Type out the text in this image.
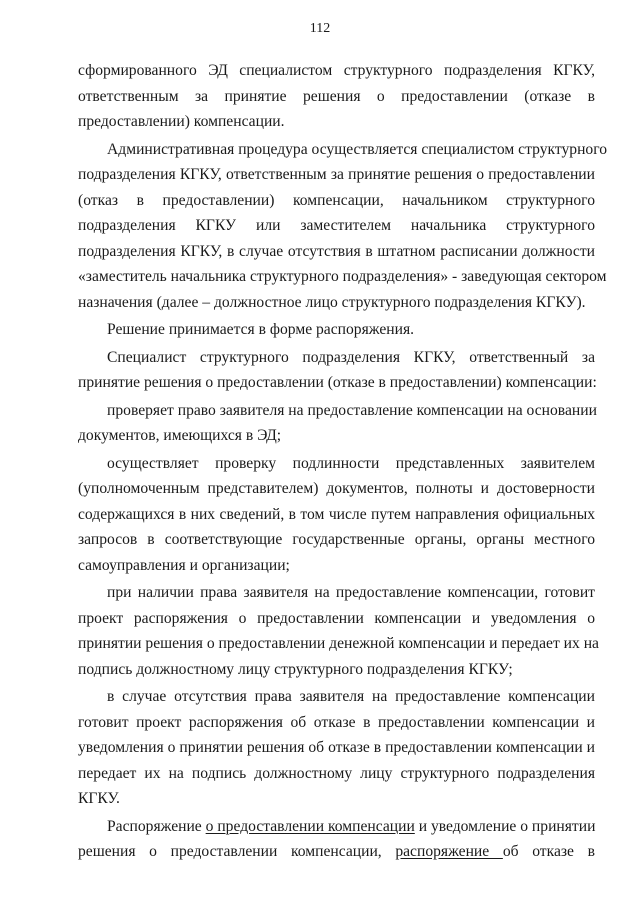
112
сформированного ЭД специалистом структурного подразделения КГКУ,
ответственным за принятие решения о предоставлении (отказе в
предоставлении) компенсации.
Административная процедура осуществляется специалистом структурного
подразделения КГКУ, ответственным за принятие решения о предоставлении
(отказ в предоставлении) компенсации, начальником структурного
подразделения КГКУ или заместителем начальника структурного
подразделения КГКУ, в случае отсутствия в штатном расписании должности
«заместитель начальника структурного подразделения» - заведующая сектором
назначения (далее – должностное лицо структурного подразделения КГКУ).
Решение принимается в форме распоряжения.
Специалист структурного подразделения КГКУ, ответственный за
принятие решения о предоставлении (отказе в предоставлении) компенсации:
проверяет право заявителя на предоставление компенсации на основании
документов, имеющихся в ЭД;
осуществляет проверку подлинности представленных заявителем
(уполномоченным представителем) документов, полноты и достоверности
содержащихся в них сведений, в том числе путем направления официальных
запросов в соответствующие государственные органы, органы местного
самоуправления и организации;
при наличии права заявителя на предоставление компенсации, готовит
проект распоряжения о предоставлении компенсации и уведомления о
принятии решения о предоставлении денежной компенсации и передает их на
подпись должностному лицу структурного подразделения КГКУ;
в случае отсутствия права заявителя на предоставление компенсации
готовит проект распоряжения об отказе в предоставлении компенсации и
уведомления о принятии решения об отказе в предоставлении компенсации и
передает их на подпись должностному лицу структурного подразделения
КГКУ.
Распоряжение о предоставлении компенсации и уведомление о принятии
решения о предоставлении компенсации, распоряжение об отказе в
